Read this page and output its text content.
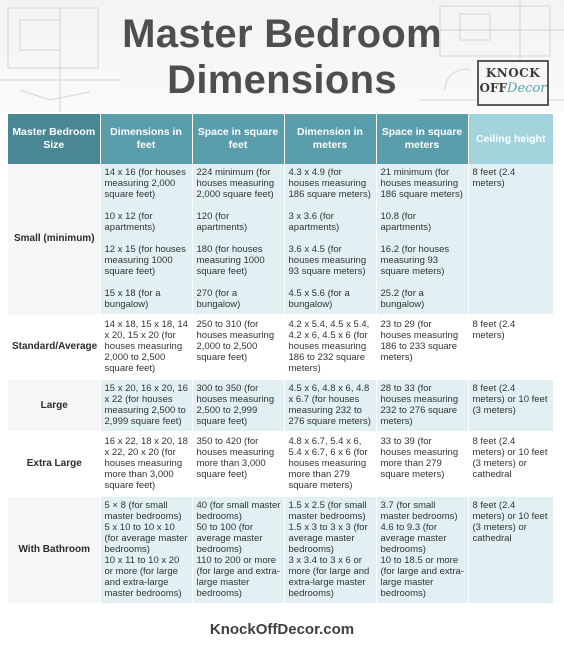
Master Bedroom
Dimensions	KNOCK
OFFDecor
Master Bedroom Size	Dimensions in feet	Space in square feet	Dimension in meters	Space in square meters	Ceiling height
Small (minimum)	14 x 16 (for houses measuring 2,000 square feet)
10 x 12 (for apartments)
12 x 15 (for houses measuring 1000 square feet)
15 x 18 (for a bungalow)	224 minimum (for houses measuring 2,000 square feet)
120 (for apartments)
180 (for houses measuring 1000 square feet)
270 (for a bungalow)	4.3 x 4.9 (for houses measuring 186 square meters)
3 x 3.6 (for apartments)
3.6 x 4.5 (for houses measuring 93 square meters)
4.5 x 5.6 (for a bungalow)	21 minimum (for houses measuring 186 square meters)
10.8 (for apartments)
16.2 (for houses measuring 93 square meters)
25.2 (for a bungalow)	8 feet (2.4 meters)

Standard/Average	14 x 18, 15 x 18, 14 x 20, 15 x 20 (for houses measuring 2,000 to 2,500 square feet)	250 to 310 (for houses measuring 2,000 to 2,500 square feet)	4.2 x 5.4, 4.5 x 5.4, 4.2 x 6, 4.5 x 6 (for houses measuring 186 to 232 square meters)	23 to 29 (for houses measuring 186 to 233 square meters)	8 feet (2.4 meters)
Large	15 x 20, 16 x 20, 16 x 22 (for houses measuring 2,500 to 2,999 square feet)	300 to 350 (for houses measuring 2,500 to 2,999 square feet)	4.5 x 6, 4.8 x 6, 4.8 x 6.7 (for houses measuring 232 to 276 square meters)	28 to 33 (for houses measuring 232 to 276 square meters)	8 feet (2.4 meters) or 10 feet (3 meters)
Extra Large	16 x 22, 18 x 20, 18 x 22, 20 x 20 (for houses measuring more than 3,000 square feet)	350 to 420 (for houses measuring more than 3,000 square feet)	4.8 x 6.7, 5.4 x 6, 5.4 x 6.7, 6 x 6 (for houses measuring more than 279 square meters)	33 to 39 (for houses measuring more than 279 square meters)	8 feet (2.4 meters) or 10 feet (3 meters) or cathedral
With Bathroom	5 × 8 (for small master bedrooms)
5 x 10 to 10 x 10 (for average master bedrooms)
10 x 11 to 10 x 20 or more (for large and extra-large master bedrooms)	40 (for small master bedrooms)
50 to 100 (for average master bedrooms)
110 to 200 or more (for large and extra-large master bedrooms)	1.5 x 2.5 (for small master bedrooms)
1.5 x 3 to 3 x 3 (for average master bedrooms)
3 x 3.4 to 3 x 6 or more (for large and extra-large master bedrooms)	3.7 (for small master bedrooms)
4.6 to 9.3 (for average master bedrooms)
10 to 18.5 or more (for large and extra-large master bedrooms)	8 feet (2.4 meters) or 10 feet (3 meters) or cathedral
KnockOffDecor.com
